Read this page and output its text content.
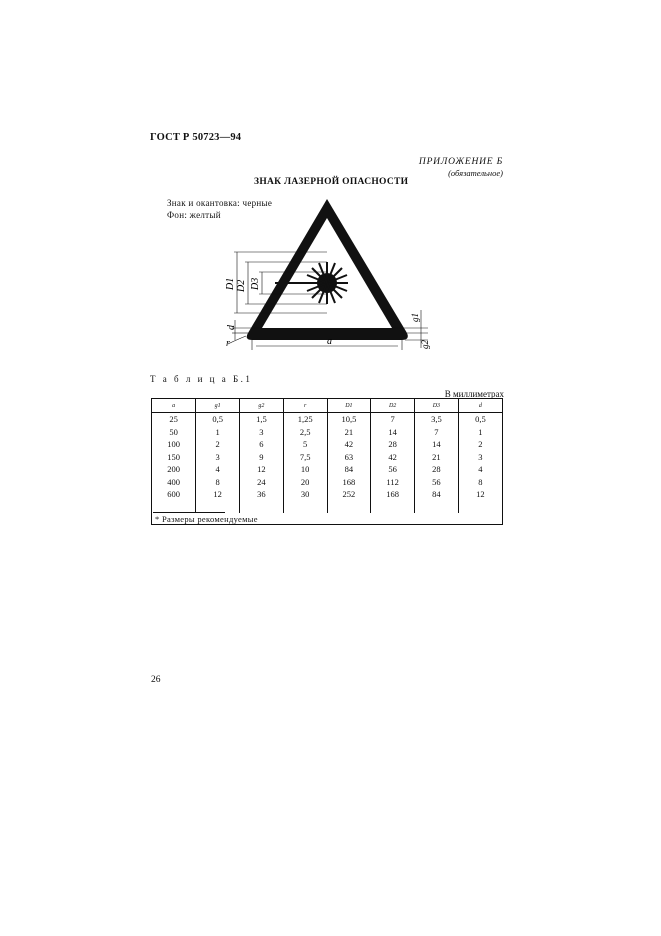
ГОСТ Р 50723—94
ПРИЛОЖЕНИЕ Б
(обязательное)
ЗНАК ЛАЗЕРНОЙ ОПАСНОСТИ
Знак и окантовка: черные
Фон: желтый
D1 D2 D3
d
r	a
g1
g2
Т а б л и ц а Б.1
В миллиметрах
a	g1	g2	r	D1	D2	D3	d
25	0,5	1,5	1,25	10,5	7	3,5	0,5
50	1	3	2,5	21	14	7	1
100	2	6	5	42	28	14	2
150	3	9	7,5	63	42	21	3
200	4	12	10	84	56	28	4
400	8	24	20	168	112	56	8
600	12	36	30	252	168	84	12

* Размеры рекомендуемые
26
